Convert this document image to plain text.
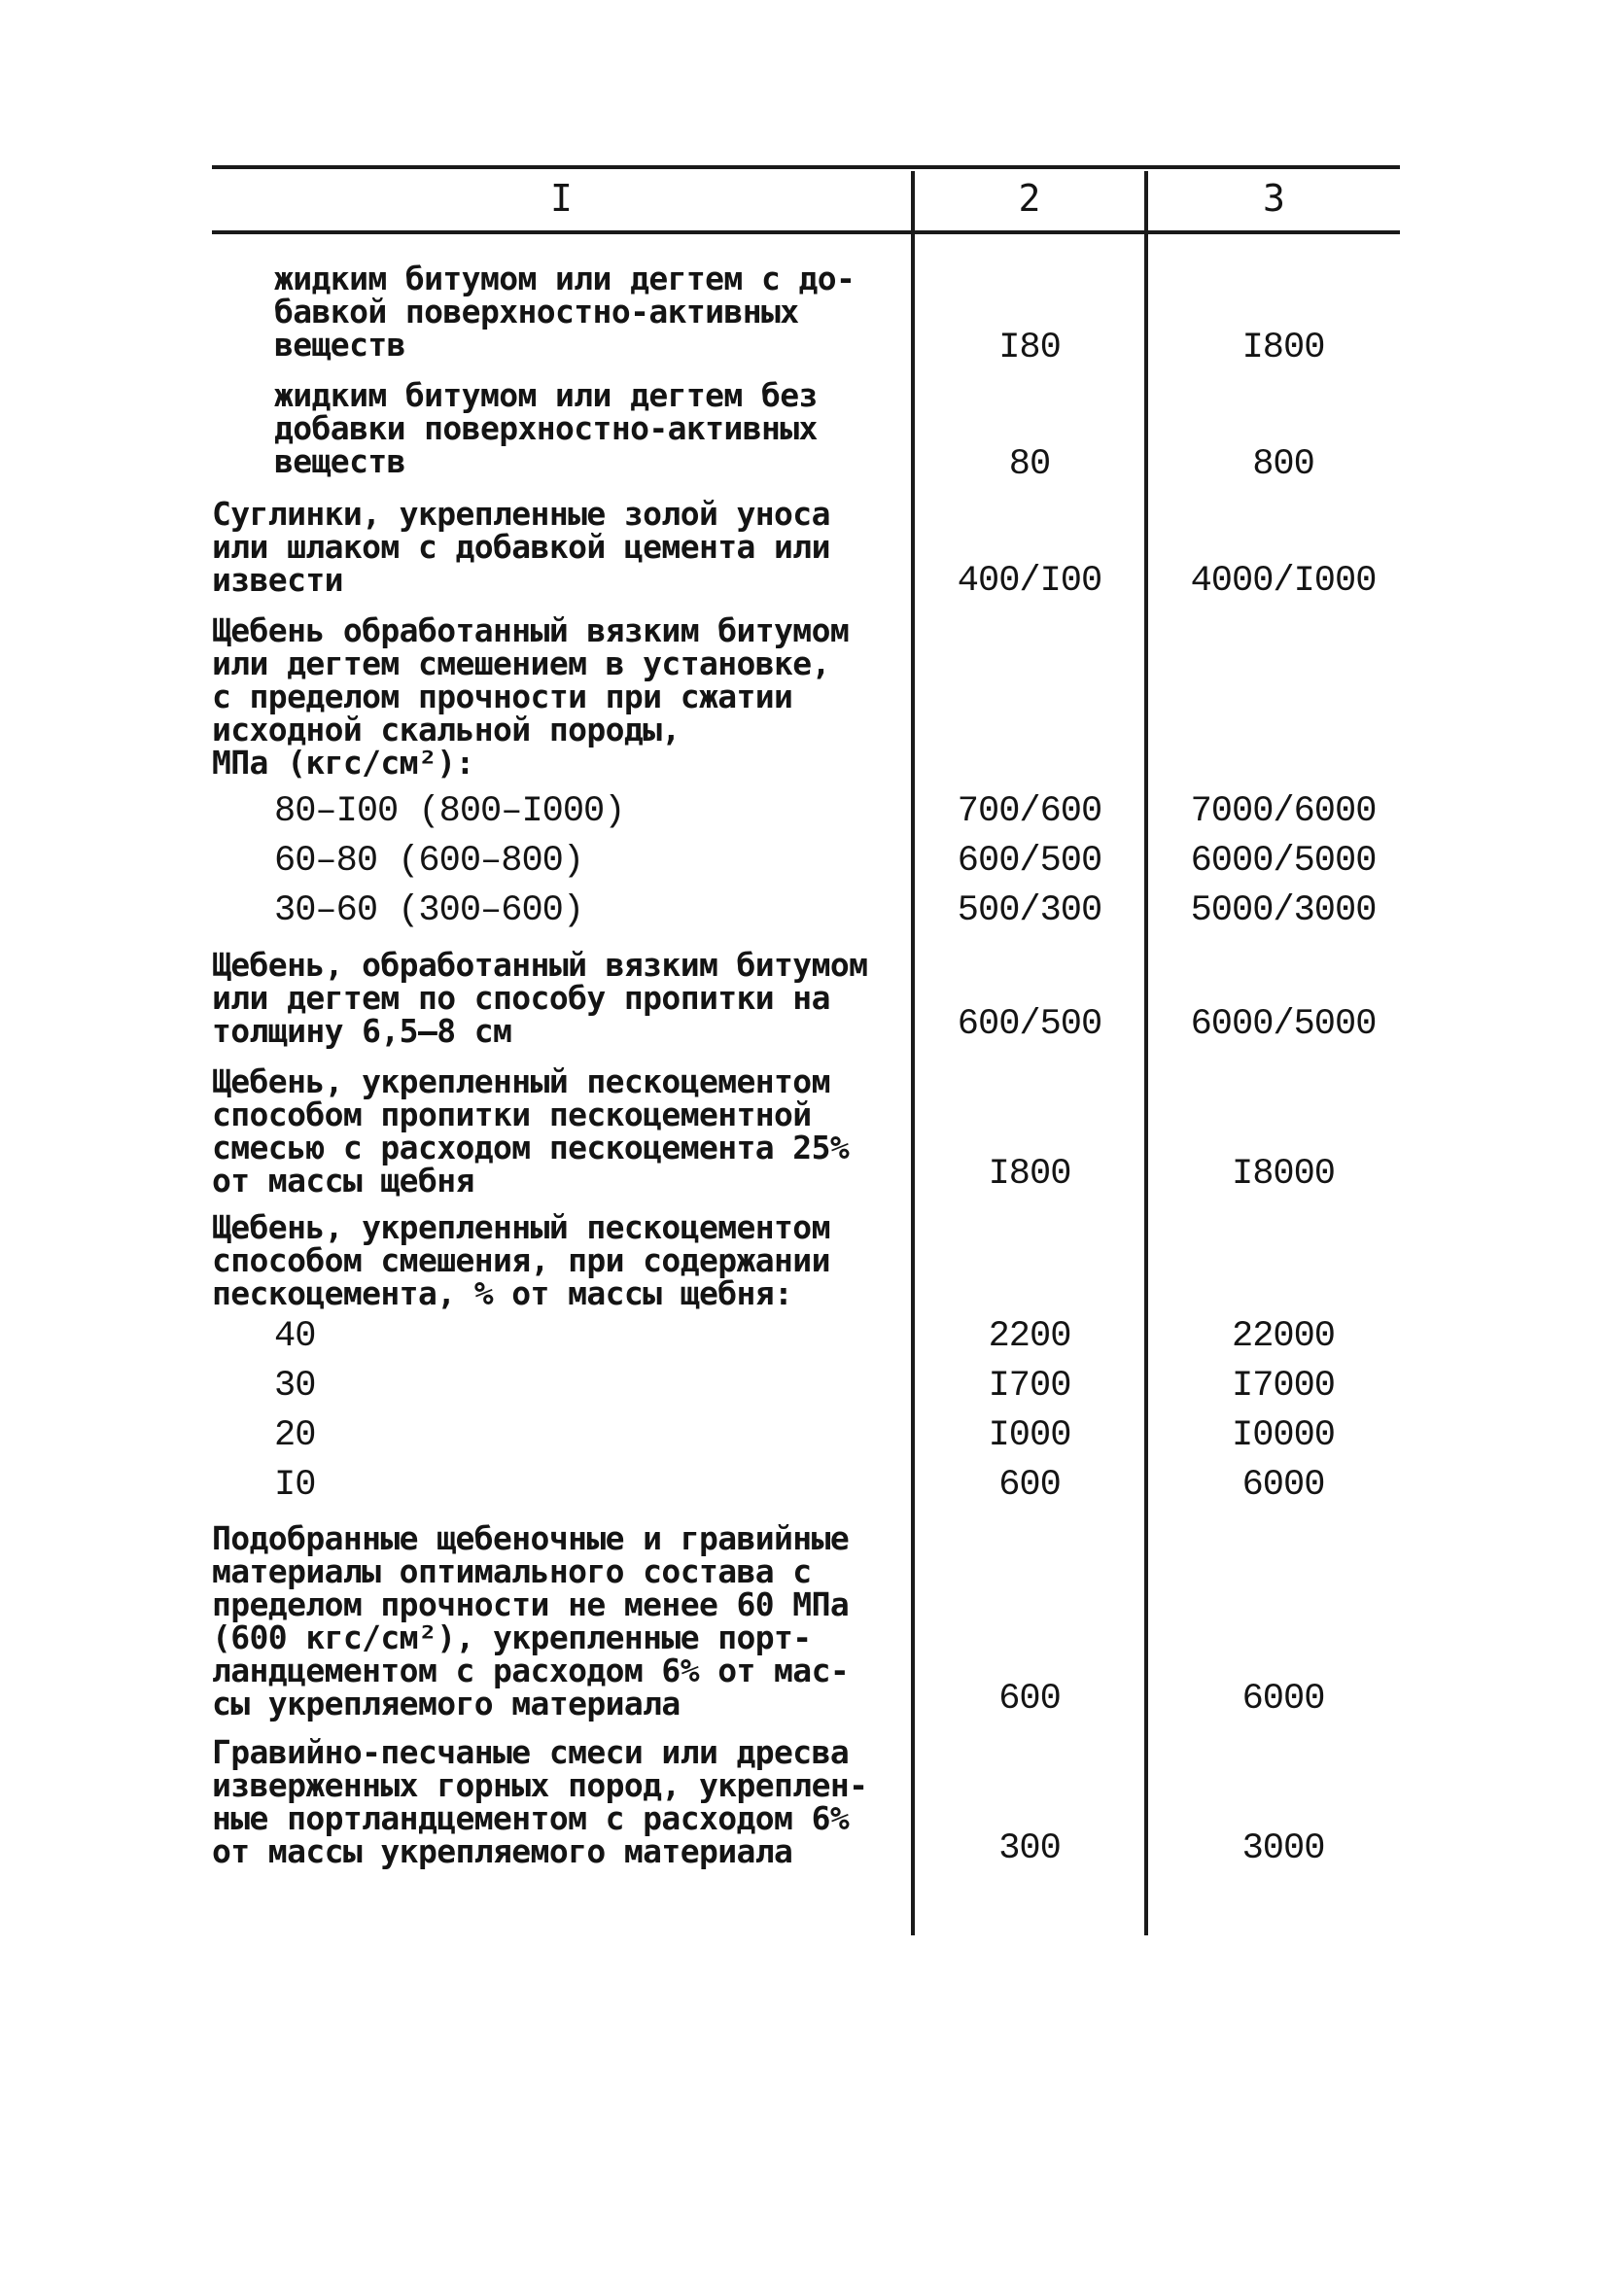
I	2	3
жидким битумом или дегтем с до-
бавкой поверхностно-активных
веществ	I80	I800
жидким битумом или дегтем без
добавки поверхностно-активных
веществ	80	800
Суглинки, укрепленные золой уноса
или шлаком с добавкой цемента или
извести	400/I00	4000/I000
Щебень обработанный вязким битумом
или дегтем смешением в установке,
с пределом прочности при сжатии
исходной скальной породы,
МПа (кгс/см²):
80–I00 (800–I000)	700/600	7000/6000
60–80 (600–800)	600/500	6000/5000
30–60 (300–600)	500/300	5000/3000
Щебень, обработанный вязким битумом
или дегтем по способу пропитки на
толщину 6,5–8 см	600/500	6000/5000
Щебень, укрепленный пескоцементом
способом пропитки пескоцементной
смесью с расходом пескоцемента 25%
от массы щебня	I800	I8000
Щебень, укрепленный пескоцементом
способом смешения, при содержании
пескоцемента, % от массы щебня:
40	2200	22000
30	I700	I7000
20	I000	I0000
I0	600	6000
Подобранные щебеночные и гравийные
материалы оптимального состава с
пределом прочности не менее 60 МПа
(600 кгс/см²), укрепленные порт-
ландцементом с расходом 6% от мас-
сы укрепляемого материала	600	6000
Гравийно-песчаные смеси или дресва
изверженных горных пород, укреплен-
ные портландцементом с расходом 6%
от массы укрепляемого материала	300	3000
